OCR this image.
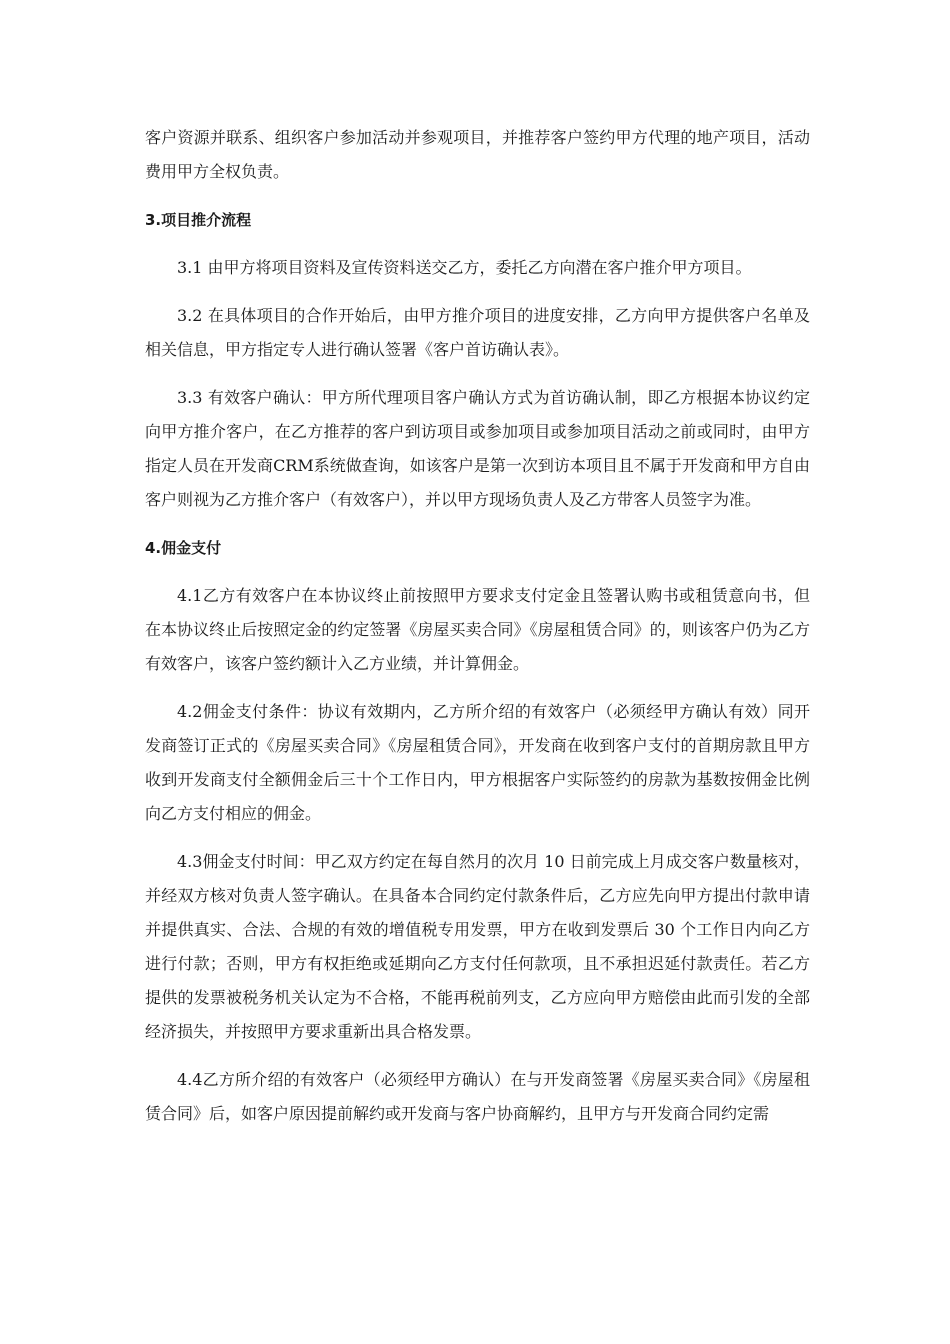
客户资源并联系、组织客户参加活动并参观项目，并推荐客户签约甲方代理的地产项目，活动费用甲方全权负责。

3.项目推介流程

3.1 由甲方将项目资料及宣传资料送交乙方，委托乙方向潜在客户推介甲方项目。

3.2 在具体项目的合作开始后，由甲方推介项目的进度安排，乙方向甲方提供客户名单及相关信息，甲方指定专人进行确认签署《客户首访确认表》。

3.3 有效客户确认：甲方所代理项目客户确认方式为首访确认制，即乙方根据本协议约定向甲方推介客户，在乙方推荐的客户到访项目或参加项目或参加项目活动之前或同时，由甲方指定人员在开发商CRM系统做查询，如该客户是第一次到访本项目且不属于开发商和甲方自由客户则视为乙方推介客户（有效客户），并以甲方现场负责人及乙方带客人员签字为准。

4.佣金支付

4.1乙方有效客户在本协议终止前按照甲方要求支付定金且签署认购书或租赁意向书，但在本协议终止后按照定金的约定签署《房屋买卖合同》《房屋租赁合同》的，则该客户仍为乙方有效客户，该客户签约额计入乙方业绩，并计算佣金。

4.2佣金支付条件：协议有效期内，乙方所介绍的有效客户（必须经甲方确认有效）同开发商签订正式的《房屋买卖合同》《房屋租赁合同》，开发商在收到客户支付的首期房款且甲方收到开发商支付全额佣金后三十个工作日内，甲方根据客户实际签约的房款为基数按佣金比例向乙方支付相应的佣金。

4.3佣金支付时间：甲乙双方约定在每自然月的次月 10 日前完成上月成交客户数量核对，并经双方核对负责人签字确认。在具备本合同约定付款条件后，乙方应先向甲方提出付款申请并提供真实、合法、合规的有效的增值税专用发票，甲方在收到发票后 30 个工作日内向乙方进行付款；否则，甲方有权拒绝或延期向乙方支付任何款项，且不承担迟延付款责任。若乙方提供的发票被税务机关认定为不合格，不能再税前列支，乙方应向甲方赔偿由此而引发的全部经济损失，并按照甲方要求重新出具合格发票。

4.4乙方所介绍的有效客户（必须经甲方确认）在与开发商签署《房屋买卖合同》《房屋租赁合同》后，如客户原因提前解约或开发商与客户协商解约，且甲方与开发商合同约定需
